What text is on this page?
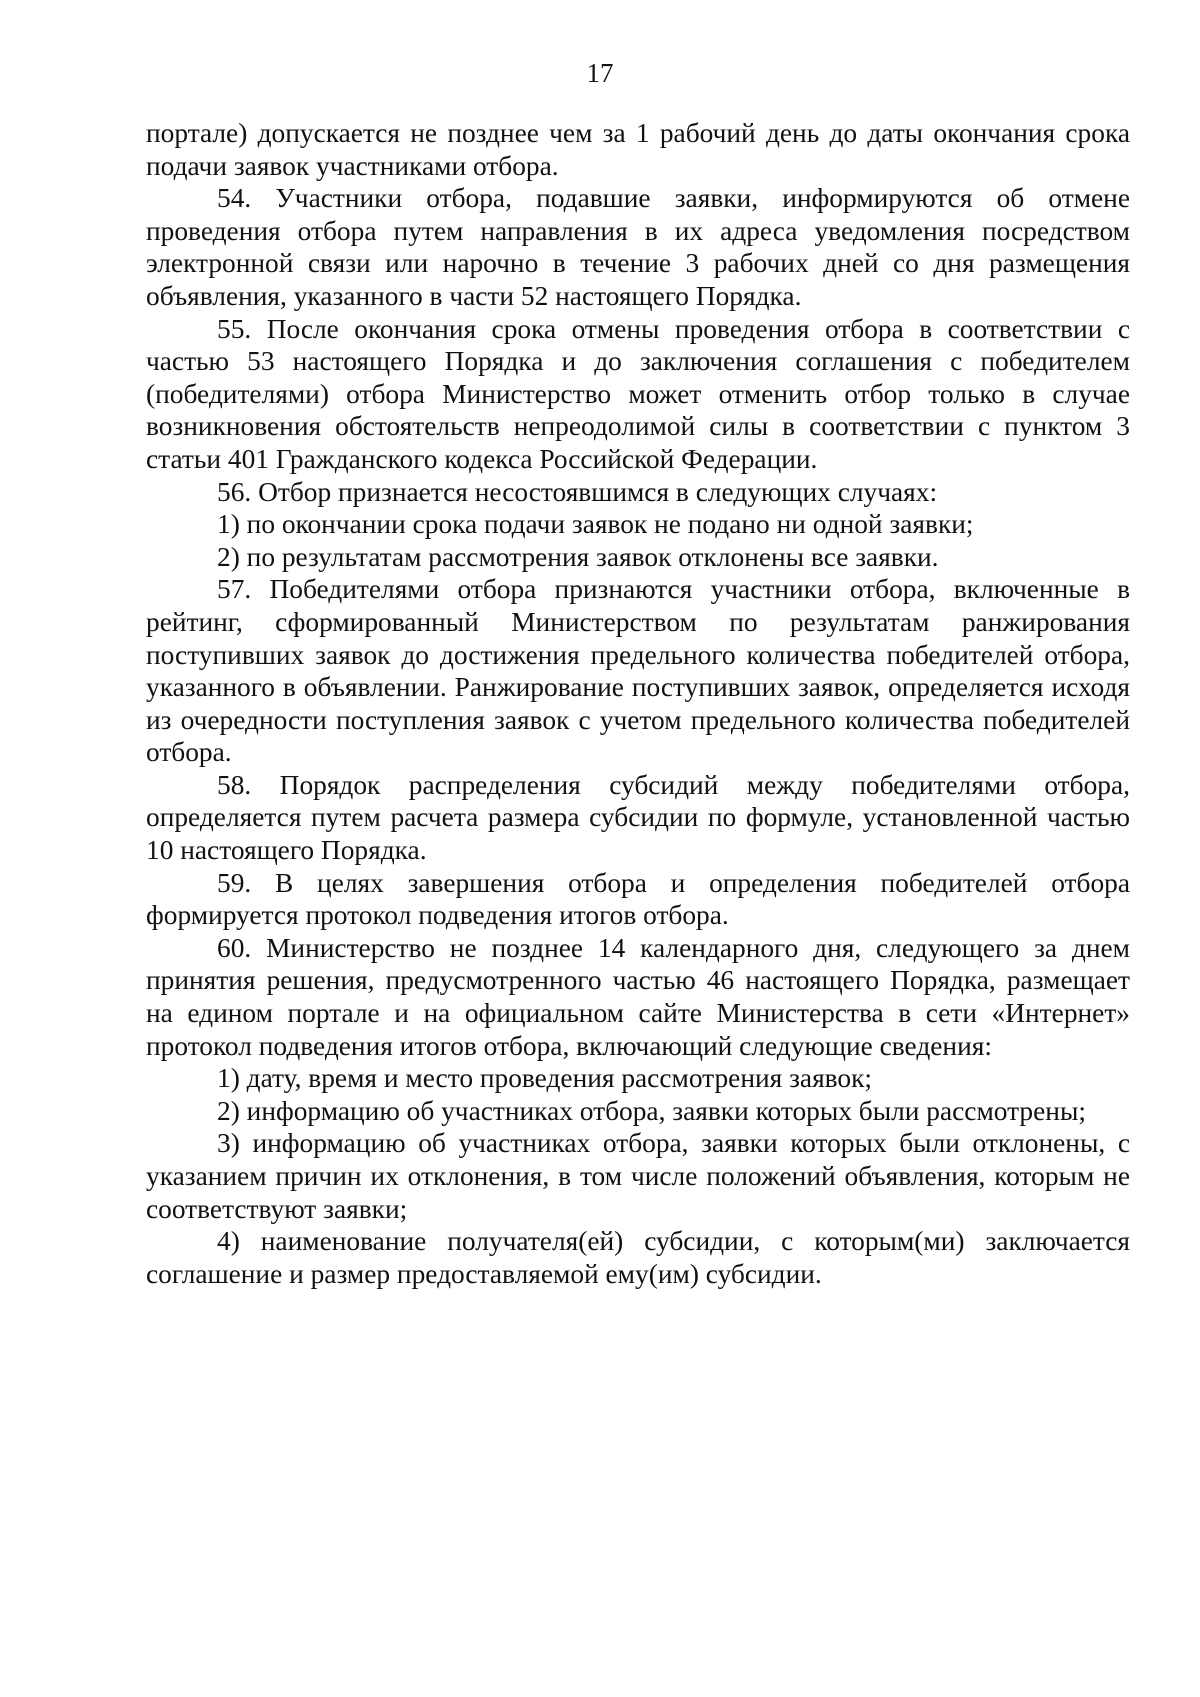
17

портале) допускается не позднее чем за 1 рабочий день до даты окончания срока подачи заявок участниками отбора.

54. Участники отбора, подавшие заявки, информируются об отмене проведения отбора путем направления в их адреса уведомления посредством электронной связи или нарочно в течение 3 рабочих дней со дня размещения объявления, указанного в части 52 настоящего Порядка.

55. После окончания срока отмены проведения отбора в соответствии с частью 53 настоящего Порядка и до заключения соглашения с победителем (победителями) отбора Министерство может отменить отбор только в случае возникновения обстоятельств непреодолимой силы в соответствии с пунктом 3 статьи 401 Гражданского кодекса Российской Федерации.

56. Отбор признается несостоявшимся в следующих случаях:

1) по окончании срока подачи заявок не подано ни одной заявки;

2) по результатам рассмотрения заявок отклонены все заявки.

57. Победителями отбора признаются участники отбора, включенные в рейтинг, сформированный Министерством по результатам ранжирования поступивших заявок до достижения предельного количества победителей отбора, указанного в объявлении. Ранжирование поступивших заявок, определяется исходя из очередности поступления заявок с учетом предельного количества победителей отбора.

58. Порядок распределения субсидий между победителями отбора, определяется путем расчета размера субсидии по формуле, установленной частью 10 настоящего Порядка.

59. В целях завершения отбора и определения победителей отбора формируется протокол подведения итогов отбора.

60. Министерство не позднее 14 календарного дня, следующего за днем принятия решения, предусмотренного частью 46 настоящего Порядка, размещает на едином портале и на официальном сайте Министерства в сети «Интернет» протокол подведения итогов отбора, включающий следующие сведения:

1) дату, время и место проведения рассмотрения заявок;

2) информацию об участниках отбора, заявки которых были рассмотрены;

3) информацию об участниках отбора, заявки которых были отклонены, с указанием причин их отклонения, в том числе положений объявления, которым не соответствуют заявки;

4) наименование получателя(ей) субсидии, с которым(ми) заключается соглашение и размер предоставляемой ему(им) субсидии.
